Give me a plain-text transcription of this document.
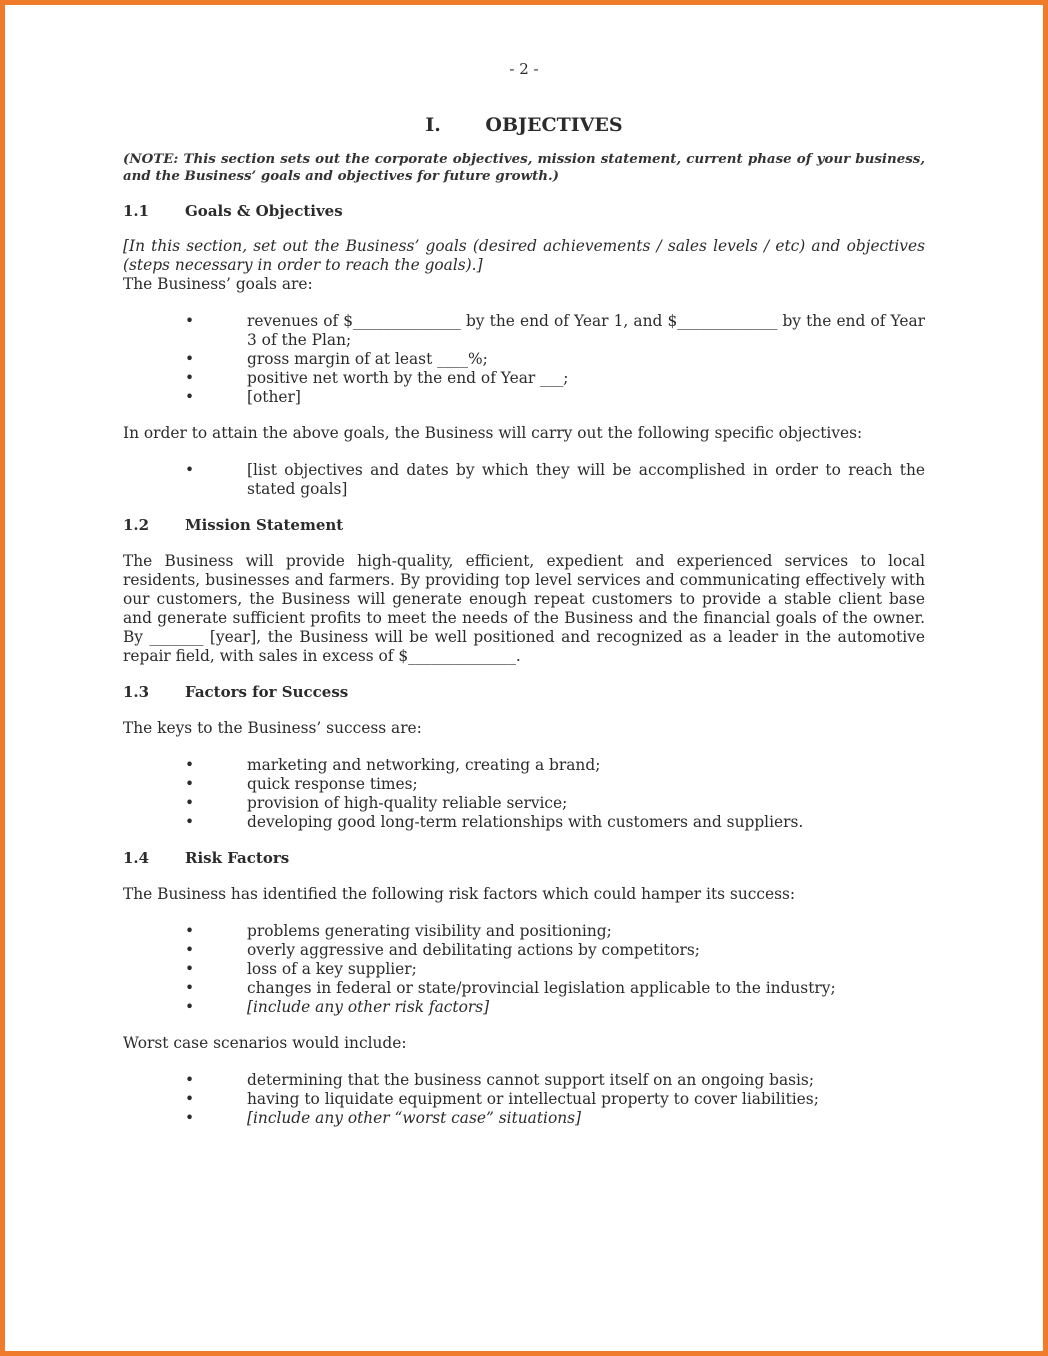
- 2 -
I.	OBJECTIVES
(NOTE: This section sets out the corporate objectives, mission statement, current phase of your business, and the Business’ goals and objectives for future growth.)
1.1	Goals & Objectives
[In this section, set out the Business’ goals (desired achievements / sales levels / etc) and objectives (steps necessary in order to reach the goals).]
The Business’ goals are:
•	revenues of $______________ by the end of Year 1, and $_____________ by the end of Year 3 of the Plan;
•	gross margin of at least ____%;
•	positive net worth by the end of Year ___;
•	[other]
In order to attain the above goals, the Business will carry out the following specific objectives:
•	[list objectives and dates by which they will be accomplished in order to reach the stated goals]
1.2	Mission Statement
The Business will provide high-quality, efficient, expedient and experienced services to local residents, businesses and farmers. By providing top level services and communicating effectively with our customers, the Business will generate enough repeat customers to provide a stable client base and generate sufficient profits to meet the needs of the Business and the financial goals of the owner. By _______ [year], the Business will be well positioned and recognized as a leader in the automotive repair field, with sales in excess of $______________.
1.3	Factors for Success
The keys to the Business’ success are:
•	marketing and networking, creating a brand;
•	quick response times;
•	provision of high-quality reliable service;
•	developing good long-term relationships with customers and suppliers.
1.4	Risk Factors
The Business has identified the following risk factors which could hamper its success:
•	problems generating visibility and positioning;
•	overly aggressive and debilitating actions by competitors;
•	loss of a key supplier;
•	changes in federal or state/provincial legislation applicable to the industry;
•	[include any other risk factors]
Worst case scenarios would include:
•	determining that the business cannot support itself on an ongoing basis;
•	having to liquidate equipment or intellectual property to cover liabilities;
•	[include any other “worst case” situations]
